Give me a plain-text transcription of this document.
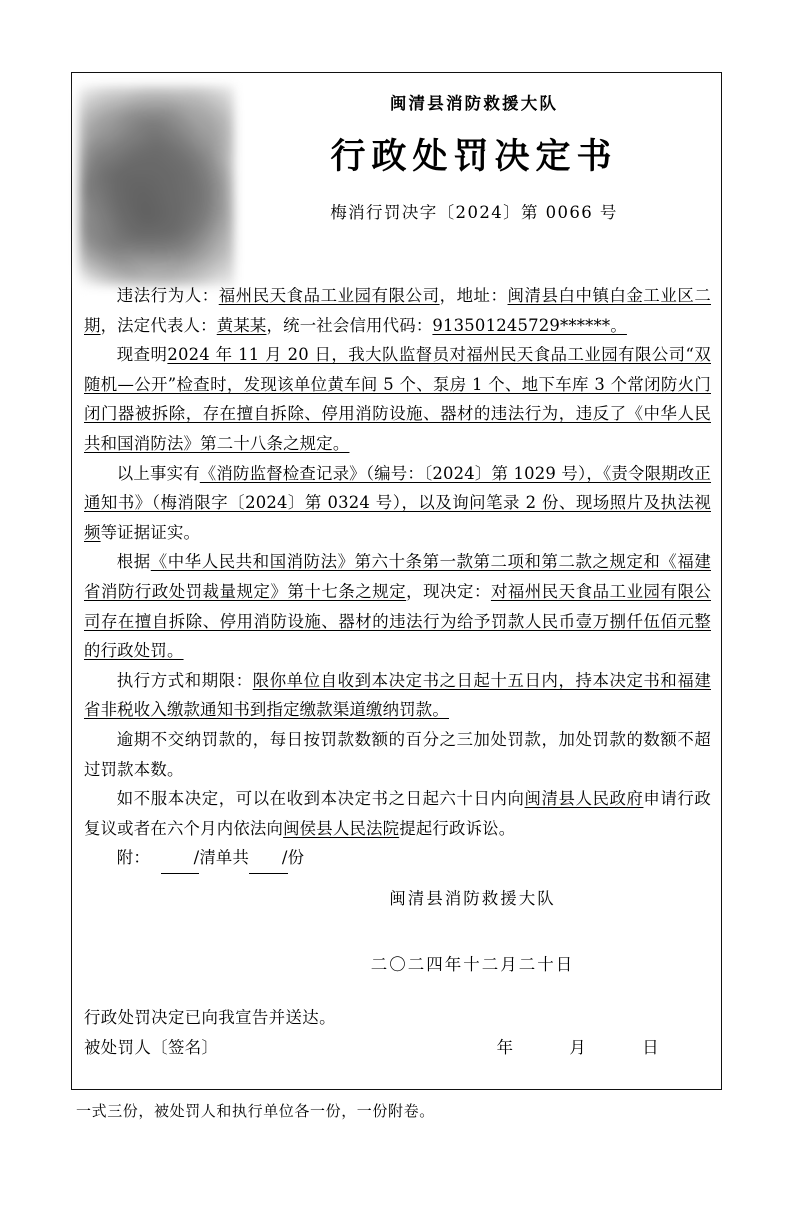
闽清县消防救援大队
行政处罚决定书
梅消行罚决字〔2024〕第 0066 号

违法行为人：福州民天食品工业园有限公司，地址：闽清县白中镇白金工业区二期，法定代表人：黄某某，统一社会信用代码：913501245729******。

现查明2024 年 11 月 20 日，我大队监督员对福州民天食品工业园有限公司“双随机—公开”检查时，发现该单位黄车间 5 个、泵房 1 个、地下车库 3 个常闭防火门闭门器被拆除，存在擅自拆除、停用消防设施、器材的违法行为，违反了《中华人民共和国消防法》第二十八条之规定。

以上事实有《消防监督检查记录》（编号：〔2024〕第 1029 号），《责令限期改正通知书》（梅消限字〔2024〕第 0324 号），以及询问笔录 2 份、现场照片及执法视频等证据证实。

根据《中华人民共和国消防法》第六十条第一款第二项和第二款之规定和《福建省消防行政处罚裁量规定》第十七条之规定，现决定：对福州民天食品工业园有限公司存在擅自拆除、停用消防设施、器材的违法行为给予罚款人民币壹万捌仟伍佰元整的行政处罚。

执行方式和期限：限你单位自收到本决定书之日起十五日内，持本决定书和福建省非税收入缴款通知书到指定缴款渠道缴纳罚款。

逾期不交纳罚款的，每日按罚款数额的百分之三加处罚款，加处罚款的数额不超过罚款本数。

如不服本决定，可以在收到本决定书之日起六十日内向闽清县人民政府申请行政复议或者在六个月内依法向闽侯县人民法院提起行政诉讼。

附：	/清单共 /份

闽清县消防救援大队
二〇二四年十二月二十日
行政处罚决定已向我宣告并送达。
被处罚人〔签名〕	年	月	日
一式三份，被处罚人和执行单位各一份，一份附卷。
